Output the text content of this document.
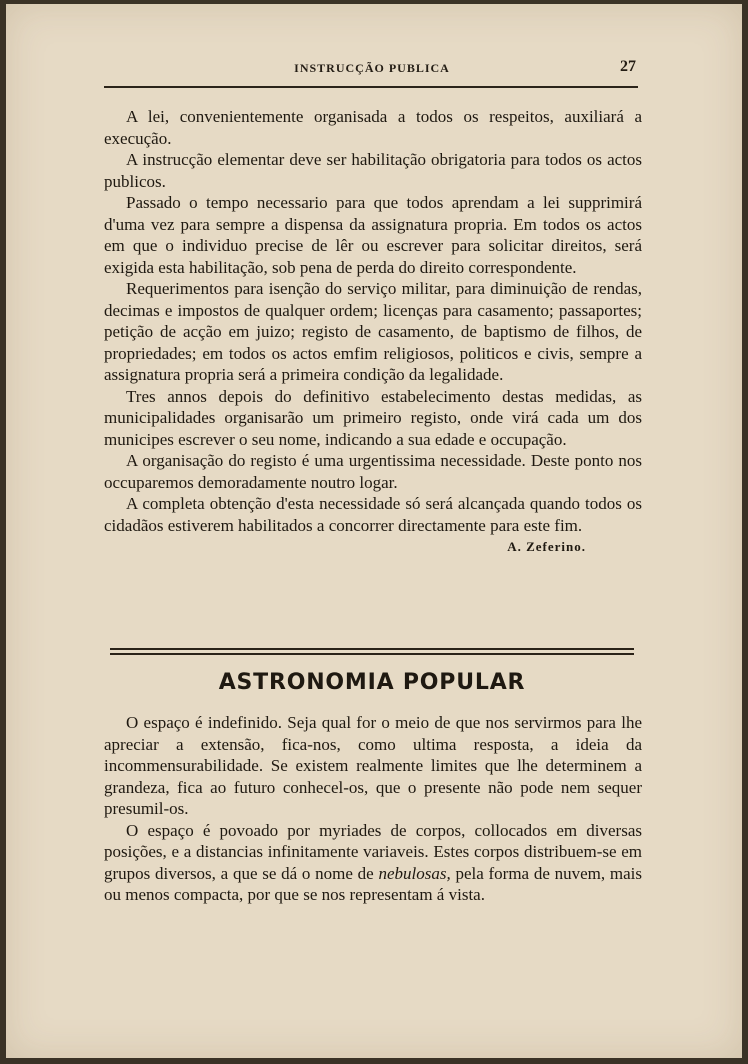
INSTRUCÇÃO PUBLICA	27

A lei, convenientemente organisada a todos os respeitos, auxiliará a execução.

A instrucção elementar deve ser habilitação obrigatoria para todos os actos publicos.

Passado o tempo necessario para que todos aprendam a lei supprimirá d'uma vez para sempre a dispensa da assignatura propria. Em todos os actos em que o individuo precise de lêr ou escrever para solicitar direitos, será exigida esta habilitação, sob pena de perda do direito correspondente.

Requerimentos para isenção do serviço militar, para diminuição de rendas, decimas e impostos de qualquer ordem; licenças para casamento; passaportes; petição de acção em juizo; registo de casamento, de baptismo de filhos, de propriedades; em todos os actos emfim religiosos, politicos e civis, sempre a assignatura propria será a primeira condição da legalidade.

Tres annos depois do definitivo estabelecimento destas medidas, as municipalidades organisarão um primeiro registo, onde virá cada um dos municipes escrever o seu nome, indicando a sua edade e occupação.

A organisação do registo é uma urgentissima necessidade. Deste ponto nos occuparemos demoradamente noutro logar.

A completa obtenção d'esta necessidade só será alcançada quando todos os cidadãos estiverem habilitados a concorrer directamente para este fim.
A. Zeferino.

ASTRONOMIA POPULAR

O espaço é indefinido. Seja qual for o meio de que nos servirmos para lhe apreciar a extensão, fica-nos, como ultima resposta, a ideia da incommensurabilidade. Se existem realmente limites que lhe determinem a grandeza, fica ao futuro conhecel-os, que o presente não pode nem sequer presumil-os.

O espaço é povoado por myriades de corpos, collocados em diversas posições, e a distancias infinitamente variaveis. Estes corpos distribuem-se em grupos diversos, a que se dá o nome de nebulosas, pela forma de nuvem, mais ou menos compacta, por que se nos representam á vista.
